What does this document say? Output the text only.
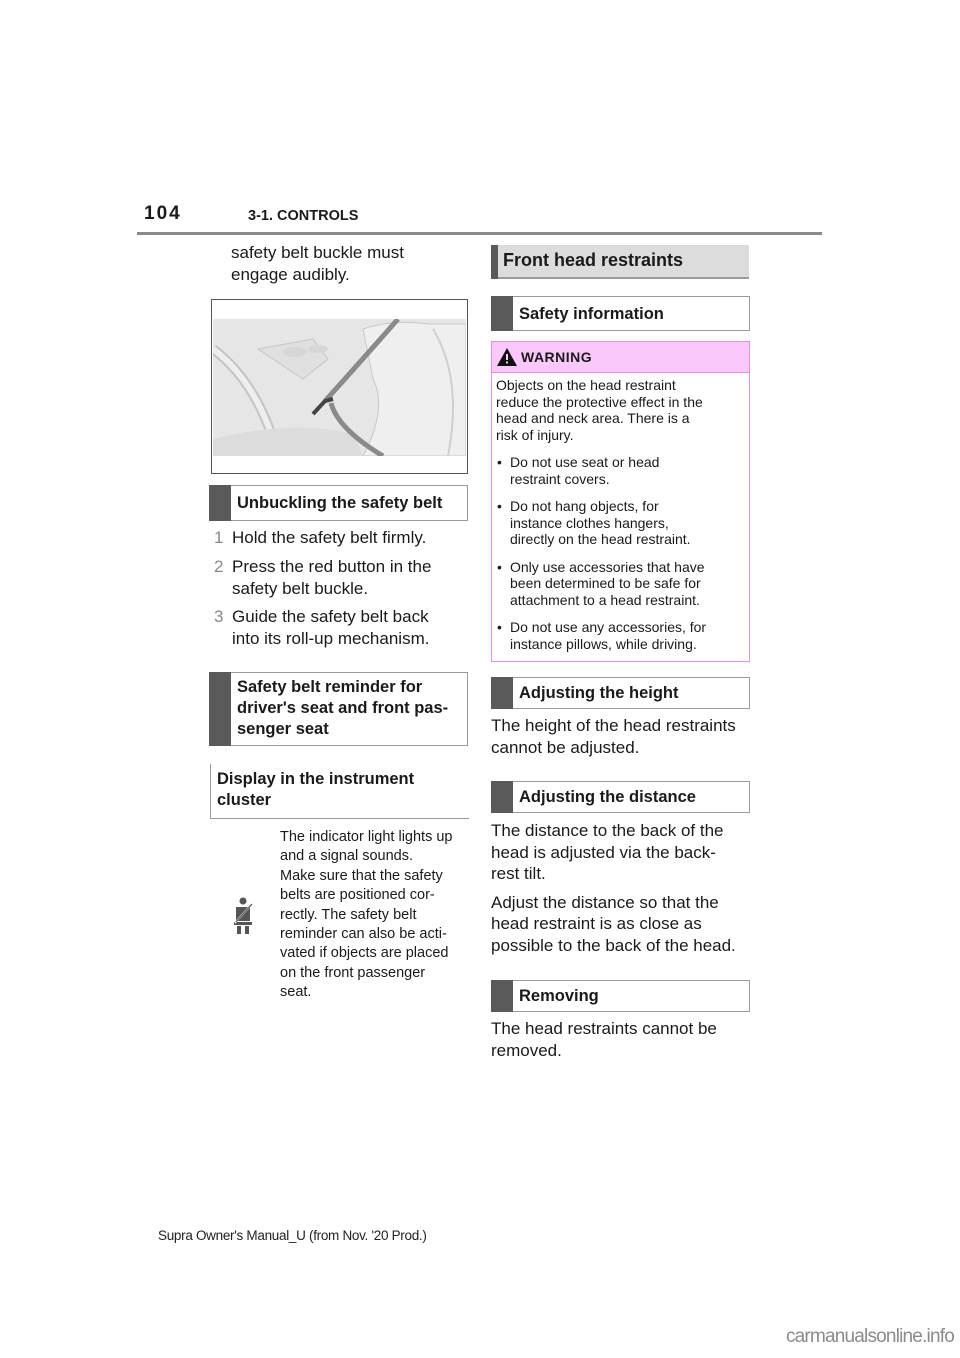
104	3-1. CONTROLS
safety belt buckle must
engage audibly.
Unbuckling the safety belt
1 Hold the safety belt firmly.
2 Press the red button in the
safety belt buckle.
3 Guide the safety belt back
into its roll-up mechanism.
Safety belt reminder for
driver's seat and front pas-
senger seat
Display in the instrument
cluster
The indicator light lights up
and a signal sounds.
Make sure that the safety
belts are positioned cor-
rectly. The safety belt
reminder can also be acti-
vated if objects are placed
on the front passenger
seat.
Front head restraints
Safety information
WARNING
Objects on the head restraint
reduce the protective effect in the
head and neck area. There is a
risk of injury.
• Do not use seat or head
restraint covers.
• Do not hang objects, for
instance clothes hangers,
directly on the head restraint.
• Only use accessories that have
been determined to be safe for
attachment to a head restraint.
• Do not use any accessories, for
instance pillows, while driving.
Adjusting the height
The height of the head restraints
cannot be adjusted.
Adjusting the distance
The distance to the back of the
head is adjusted via the back-
rest tilt.
Adjust the distance so that the
head restraint is as close as
possible to the back of the head.
Removing
The head restraints cannot be
removed.
Supra Owner's Manual_U (from Nov. '20 Prod.)
carmanualsonline.info
